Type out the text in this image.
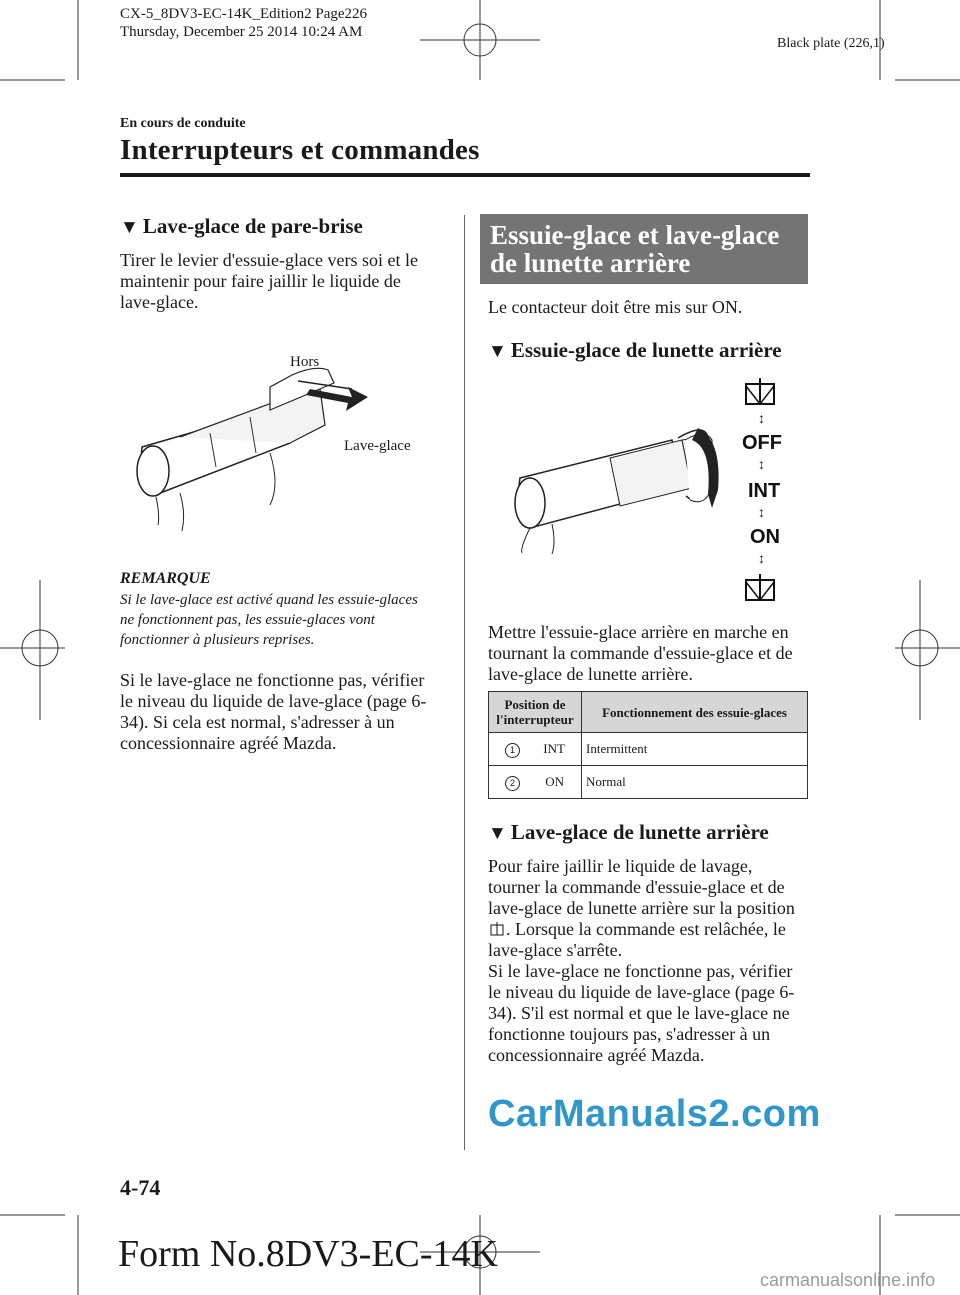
CX-5_8DV3-EC-14K_Edition2 Page226
Thursday, December 25 2014 10:24 AM
Black plate (226,1)
En cours de conduite
Interrupteurs et commandes
▼ Lave-glace de pare-brise

Tirer le levier d'essuie-glace vers soi et le maintenir pour faire jaillir le liquide de lave-glace.

Hors
Lave-glace
REMARQUE

Si le lave-glace est activé quand les essuie-glaces ne fonctionnent pas, les essuie-glaces vont fonctionner à plusieurs reprises.

Si le lave-glace ne fonctionne pas, vérifier le niveau du liquide de lave-glace (page 6-34). Si cela est normal, s'adresser à un concessionnaire agréé Mazda.

Essuie-glace et lave-glace
de lunette arrière

Le contacteur doit être mis sur ON.

▼ Essuie-glace de lunette arrière
↕
OFF
↕
INT
↕
ON
↕

Mettre l'essuie-glace arrière en marche en tournant la commande d'essuie-glace et de lave-glace de lunette arrière.

Position de l'interrupteur	Fonctionnement des essuie-glaces
1 INT	Intermittent
2 ON	Normal
▼ Lave-glace de lunette arrière

Pour faire jaillir le liquide de lavage, tourner la commande d'essuie-glace et de lave-glace de lunette arrière sur la position

. Lorsque la commande est relâchée, le lave-glace s'arrête.

Si le lave-glace ne fonctionne pas, vérifier le niveau du liquide de lave-glace (page 6-34). S'il est normal et que le lave-glace ne fonctionne toujours pas, s'adresser à un concessionnaire agréé Mazda.

CarManuals2.com
4-74
Form No.8DV3-EC-14K
carmanualsonline.info
